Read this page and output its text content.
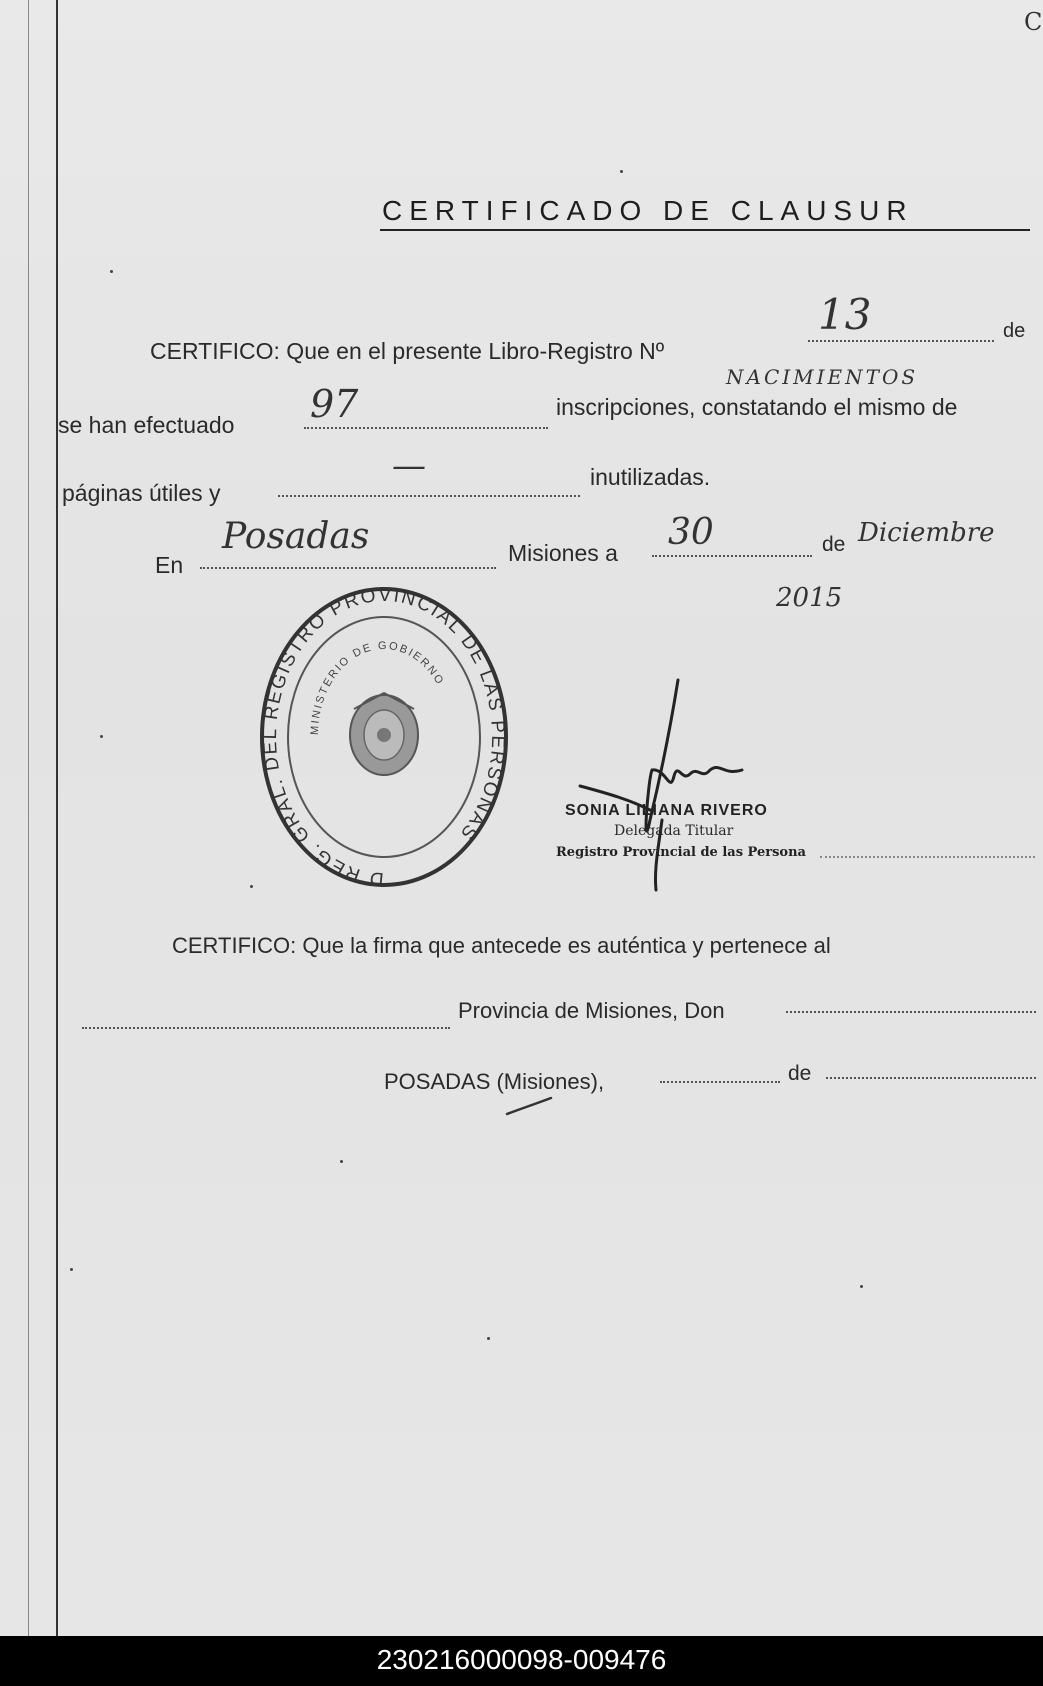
C
CERTIFICADO DE CLAUSUR
CERTIFICO: Que en el presente Libro-Registro Nº
13	de
NACIMIENTOS
se han efectuado 97	inscripciones, constatando el mismo de
páginas útiles y
—	inutilizadas.
En
Posadas	Misiones a 30	de Diciembre
2015
D REG. GRAL. DEL REGISTRO PROVINCIAL DE LAS PERSONAS
MINISTERIO DE GOBIERNO
SONIA LILIANA RIVERO
Delegada Titular
Registro Provincial de las Persona
CERTIFICO: Que la firma que antecede es auténtica y pertenece al
Provincia de Misiones, Don
POSADAS (Misiones),	de
230216000098-009476
